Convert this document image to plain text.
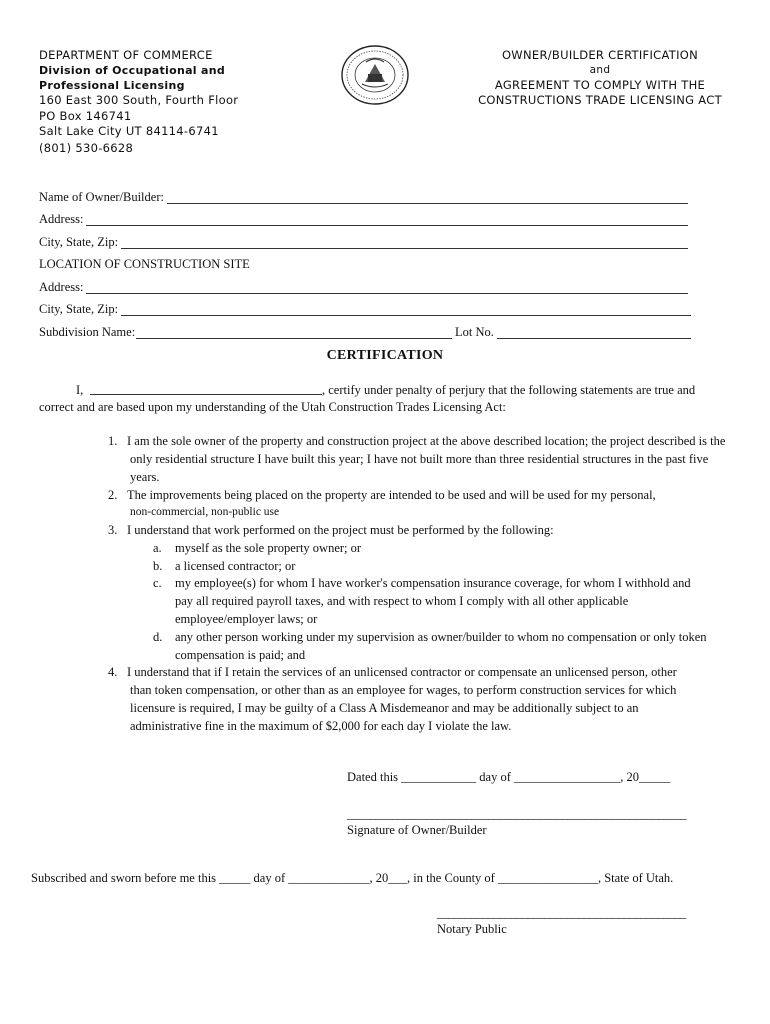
DEPARTMENT OF COMMERCE
Division of Occupational and
Professional Licensing
160 East 300 South, Fourth Floor
PO Box 146741
Salt Lake City UT 84114-6741
(801) 530-6628
OWNER/BUILDER CERTIFICATION
and
AGREEMENT TO COMPLY WITH THE
CONSTRUCTIONS TRADE LICENSING ACT
Name of Owner/Builder:
Address:
City, State, Zip:
LOCATION OF CONSTRUCTION SITE
Address:
City, State, Zip:
Subdivision Name:	Lot No.
CERTIFICATION
I,	, certify under penalty of perjury that the following statements are true and
correct and are based upon my understanding of the Utah Construction Trades Licensing Act:
1. I am the sole owner of the property and construction project at the above described location; the project described is the
only residential structure I have built this year; I have not built more than three residential structures in the past five
years.
2. The improvements being placed on the property are intended to be used and will be used for my personal,
non-commercial, non-public use
3. I understand that work performed on the project must be performed by the following:
a. myself as the sole property owner; or
b. a licensed contractor; or
c. my employee(s) for whom I have worker's compensation insurance coverage, for whom I withhold and
pay all required payroll taxes, and with respect to whom I comply with all other applicable
employee/employer laws; or
d. any other person working under my supervision as owner/builder to whom no compensation or only token
compensation is paid; and
4. I understand that if I retain the services of an unlicensed contractor or compensate an unlicensed person, other
than token compensation, or other than as an employee for wages, to perform construction services for which
licensure is required, I may be guilty of a Class A Misdemeanor and may be additionally subject to an
administrative fine in the maximum of $2,000 for each day I violate the law.
Dated this ____________ day of _________________, 20_____
____________________________________________________________
Signature of Owner/Builder
Subscribed and sworn before me this _____ day of _____________, 20___, in the County of ________________, State of Utah.
____________________________________________
Notary Public
